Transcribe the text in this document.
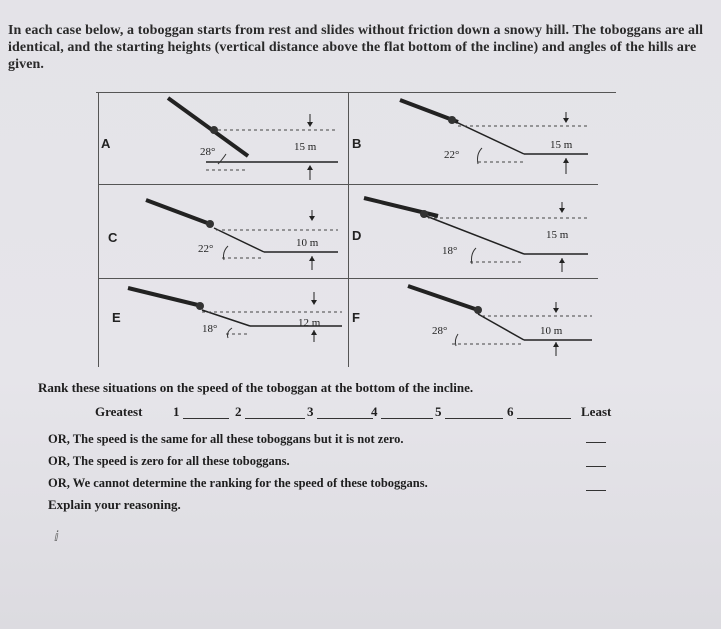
In each case below, a toboggan starts from rest and slides without friction down a snowy hill. The toboggans are all identical, and the starting heights (vertical distance above the flat bottom of the incline) and angles of the hills are given.
28°	15 m
A
22°
15 m
B
22°	10 m
C
18°
15 m
D
18°	12 m
E
28°	10 m
F
Rank these situations on the speed of the toboggan at the bottom of the incline.
Greatest 1	2	3	4	5	6	Least
OR, The speed is the same for all these toboggans but it is not zero.
OR, The speed is zero for all these toboggans.
OR, We cannot determine the ranking for the speed of these toboggans.
Explain your reasoning.
ⅈ
